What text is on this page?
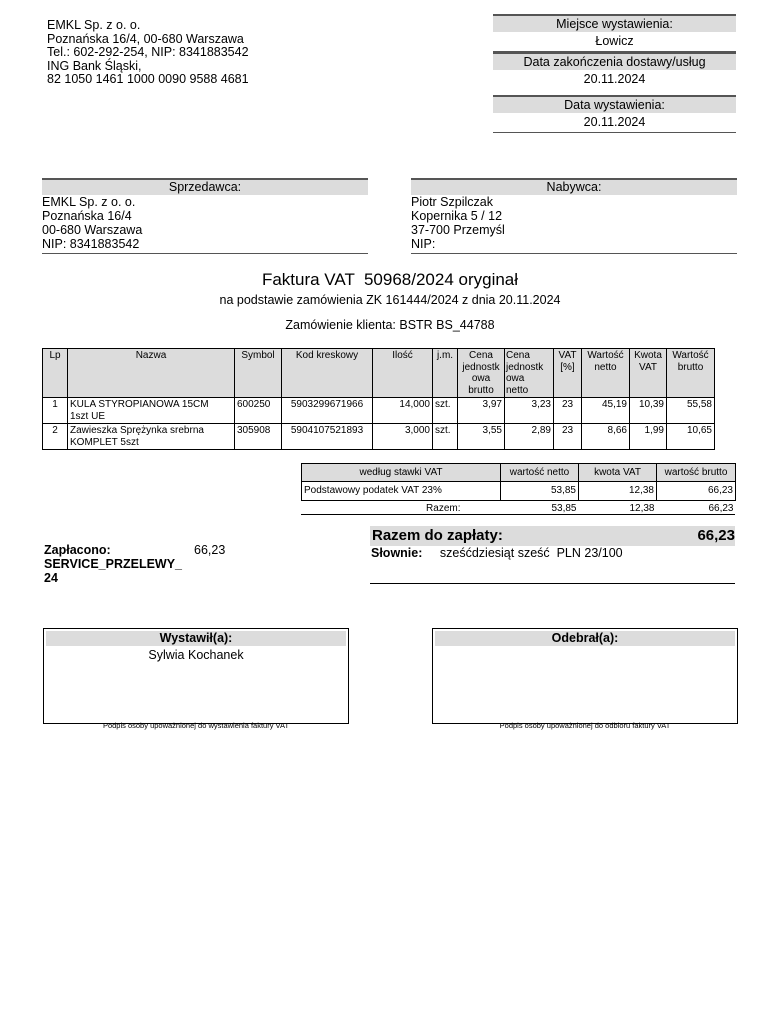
EMKL Sp. z o. o.
Poznańska 16/4, 00-680 Warszawa
Tel.: 602-292-254, NIP: 8341883542
ING Bank Śląski,
82 1050 1461 1000 0090 9588 4681
Miejsce wystawienia:
Łowicz
Data zakończenia dostawy/usług
20.11.2024
Data wystawienia:
20.11.2024
Sprzedawca:
EMKL Sp. z o. o.
Poznańska 16/4
00-680 Warszawa
NIP: 8341883542
Nabywca:
Piotr Szpilczak
Kopernika 5 / 12
37-700 Przemyśl
NIP:
Faktura VAT  50968/2024 oryginał
na podstawie zamówienia ZK 161444/2024 z dnia 20.11.2024
Zamówienie klienta: BSTR BS_44788
Lp	Nazwa	Symbol	Kod kreskowy	Ilość	j.m.	Cena
jednostk
owa
brutto	Cena
jednostk
owa
netto	VAT
[%]	Wartość
netto	Kwota
VAT	Wartość
brutto

1	KULA STYROPIANOWA 15CM
1szt UE	600250	5903299671966	14,000	szt.	3,97	3,23	23	45,19	10,39	55,58
2	Zawieszka Sprężynka srebrna
KOMPLET 5szt	305908	5904107521893	3,000	szt.	3,55	2,89	23	8,66	1,99	10,65
według stawki VAT	wartość netto	kwota VAT	wartość brutto
Podstawowy podatek VAT 23%	53,85	12,38	66,23
Razem:	53,85	12,38	66,23
Zapłacono:
SERVICE_PRZELEWY_
24
66,23
Razem do zapłaty:	66,23
Słownie: sześćdziesiąt sześć  PLN 23/100
Wystawił(a):
Sylwia Kochanek
Podpis osoby upoważnionej do wystawienia faktury VAT
Odebrał(a):
Podpis osoby upoważnionej do odbioru faktury VAT
